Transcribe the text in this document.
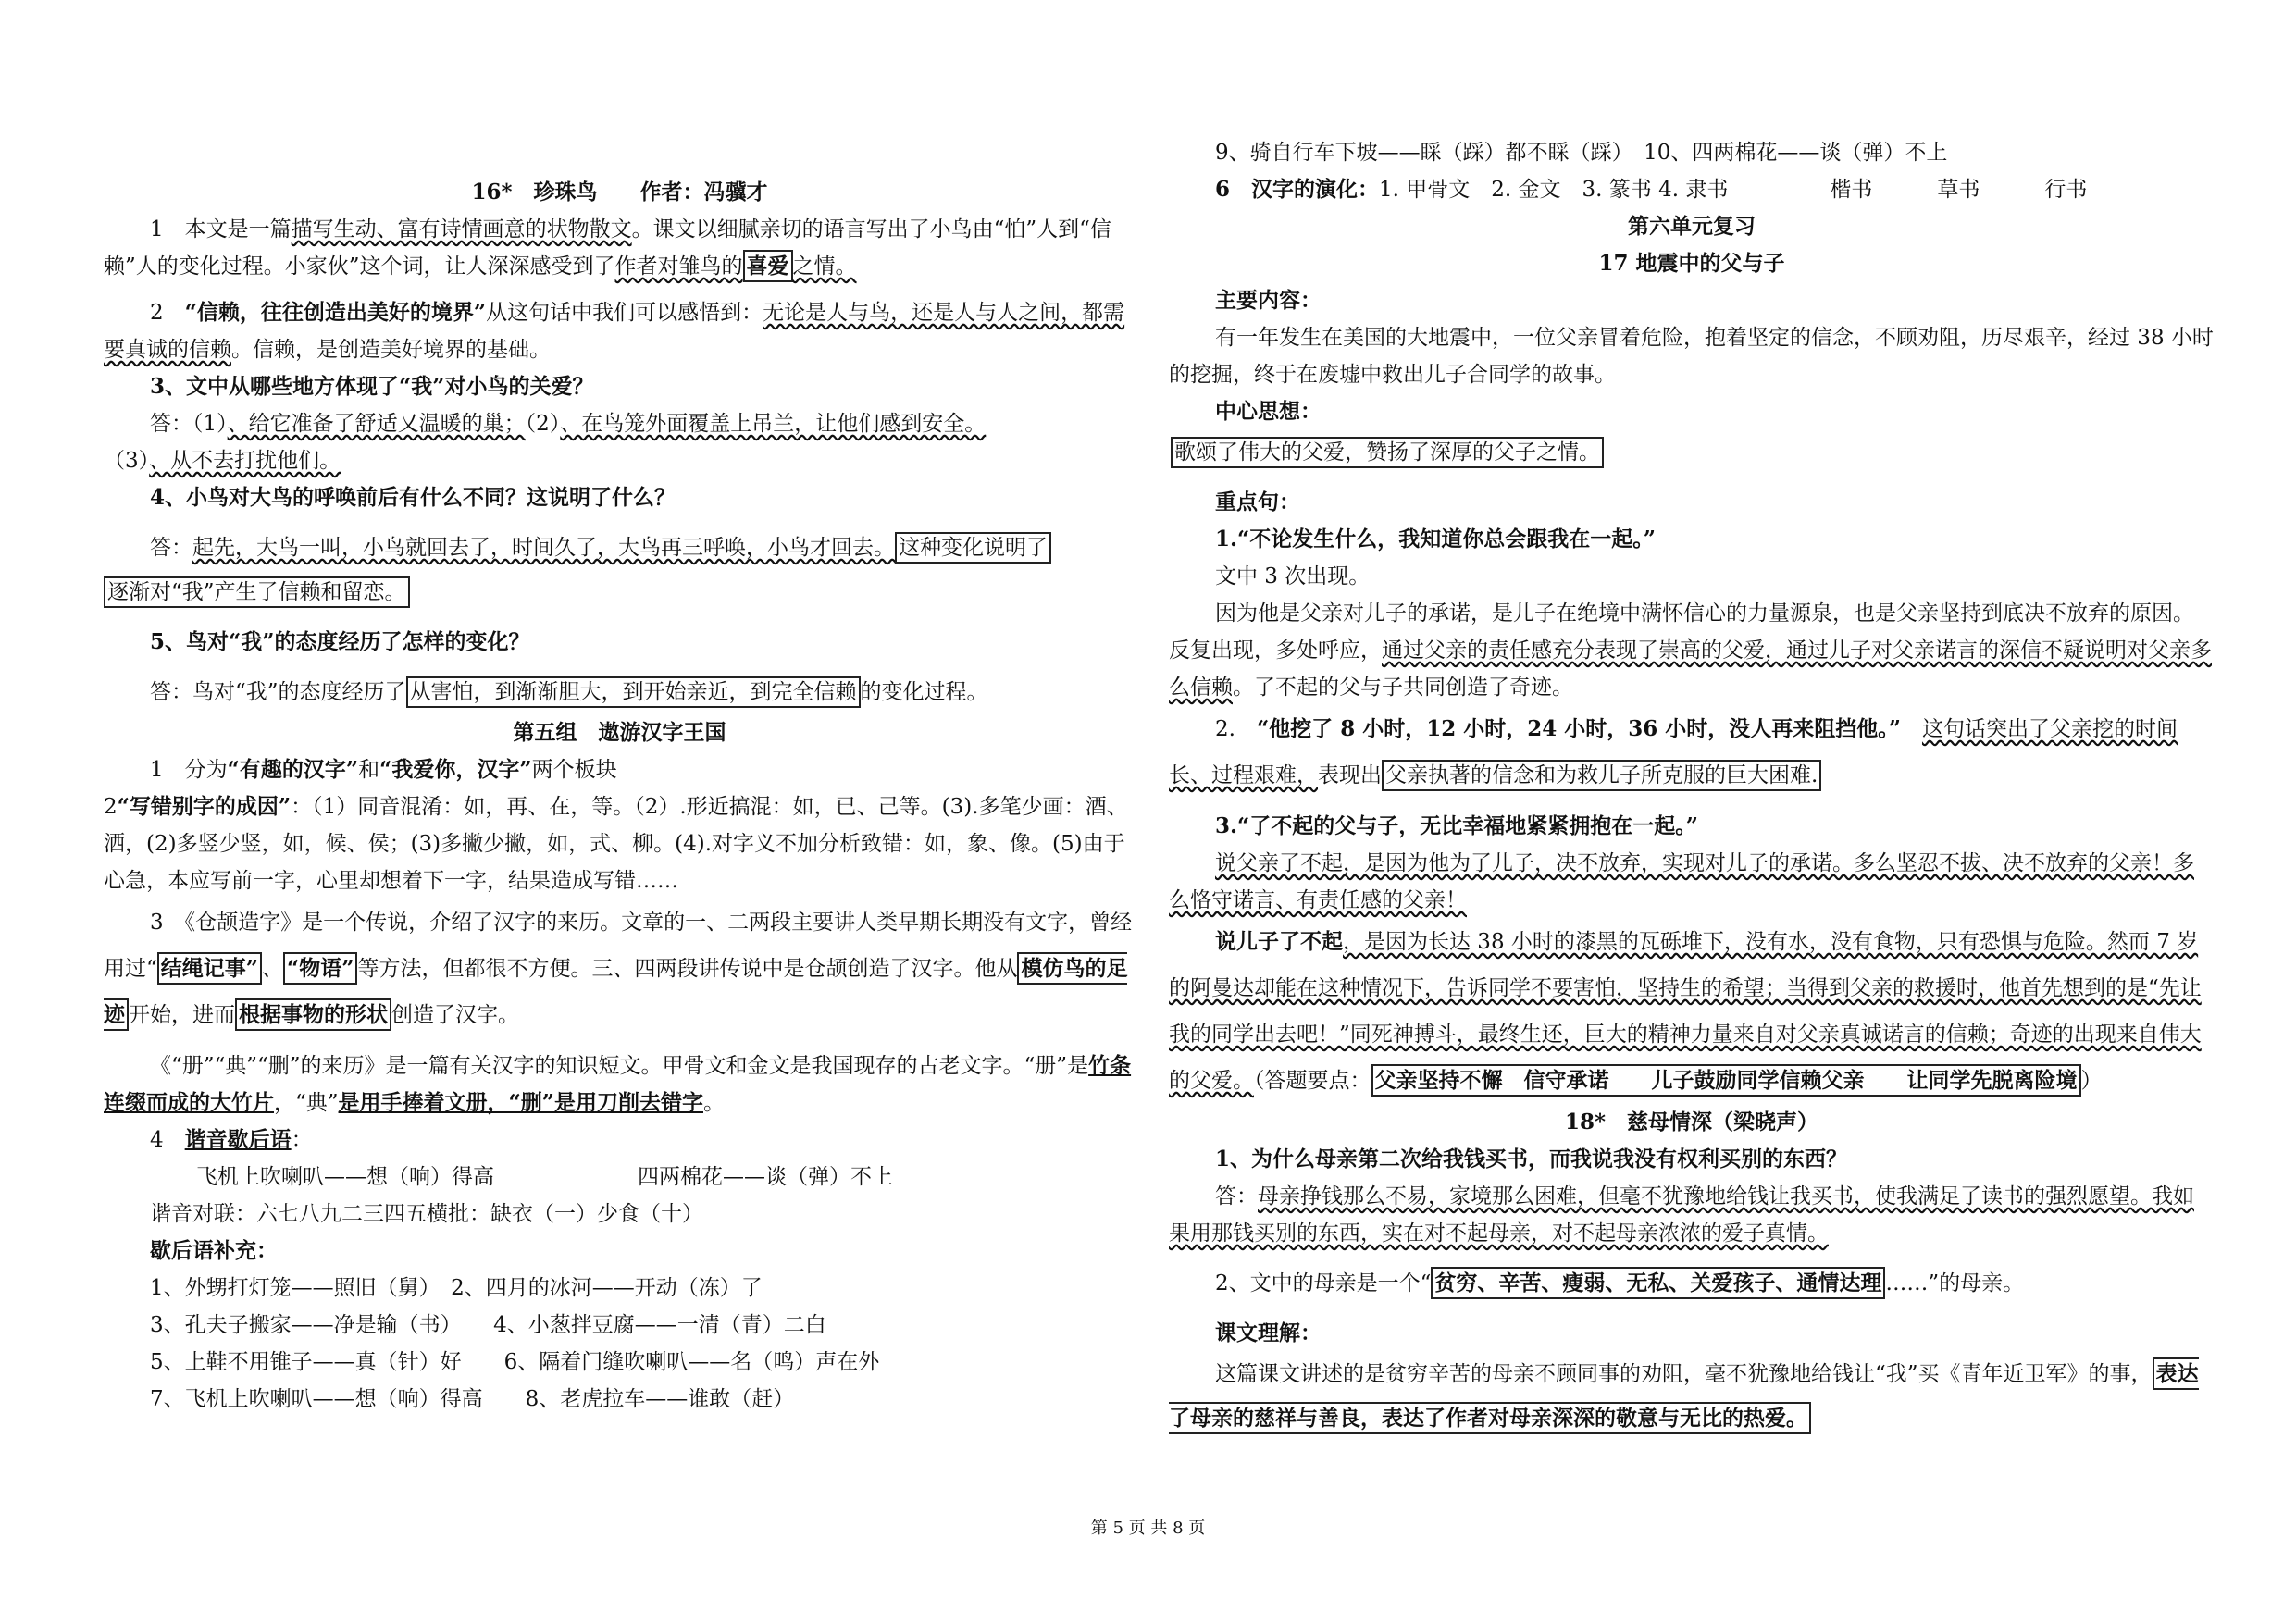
16*　珍珠鸟　　作者：冯骥才

1　本文是一篇描写生动、富有诗情画意的状物散文。课文以细腻亲切的语言写出了小鸟由“怕”人到“信赖”人的变化过程。小家伙”这个词，让人深深感受到了作者对雏鸟的 喜爱 之情。

2　“信赖，往往创造出美好的境界”从这句话中我们可以感悟到：无论是人与鸟，还是人与人之间，都需要真诚的信赖。信赖，是创造美好境界的基础。

3、文中从哪些地方体现了“我”对小鸟的关爱？

答：（1）、给它准备了舒适又温暖的巢；（2）、在鸟笼外面覆盖上吊兰，让他们感到安全。

（3）、从不去打扰他们。

4、小鸟对大鸟的呼唤前后有什么不同？这说明了什么？

答：起先，大鸟一叫，小鸟就回去了，时间久了，大鸟再三呼唤，小鸟才回去。 这种变化说明了

逐渐对“我”产生了信赖和留恋。

5、鸟对“我”的态度经历了怎样的变化？

答：鸟对“我”的态度经历了 从害怕，到渐渐胆大，到开始亲近，到完全信赖 的变化过程。

第五组　遨游汉字王国

1　分为“有趣的汉字”和“我爱你，汉字”两个板块

2“写错别字的成因”：（1）同音混淆：如，再、在，等。（2）.形近搞混：如，已、己等。(3).多笔少画：酒、洒，(2)多竖少竖，如，候、侯；(3)多撇少撇，如，式、柳。(4).对字义不加分析致错：如，象、像。(5)由于心急，本应写前一字，心里却想着下一字，结果造成写错……

3　《仓颉造字》是一个传说，介绍了汉字的来历。文章的一、二两段主要讲人类早期长期没有文字，曾经用过“ 结绳记事” 、 “物语” 等方法，但都很不方便。三、四两段讲传说中是仓颉创造了汉字。他从 模仿鸟的足迹 开始，进而 根据事物的形状 创造了汉字。

《“册”“典”“删”的来历》是一篇有关汉字的知识短文。甲骨文和金文是我国现存的古老文字。“册”是竹条连缀而成的大竹片，“典”是用手捧着文册，“删”是用刀削去错字。

4　谐音歇后语：

飞机上吹喇叭——想（响）得高	四两棉花——谈（弹）不上

谐音对联：六七八九二三四五横批：缺衣（一）少食（十）

歇后语补充：

1、外甥打灯笼——照旧（舅）　2、四月的冰河——开动（冻）了

3、孔夫子搬家——净是输（书）　　4、小葱拌豆腐——一清（青）二白

5、上鞋不用锥子——真（针）好　　6、隔着门缝吹喇叭——名（鸣）声在外

7、飞机上吹喇叭——想（响）得高　　8、老虎拉车——谁敢（赶）

9、骑自行车下坡——睬（踩）都不睬（踩）　10、四两棉花——谈（弹）不上

6　汉字的演化：1. 甲骨文　2. 金文　3. 篆书 4. 隶书	楷书	草书	行书

第六单元复习

17 地震中的父与子

主要内容：

有一年发生在美国的大地震中，一位父亲冒着危险，抱着坚定的信念，不顾劝阻，历尽艰辛，经过 38 小时的挖掘，终于在废墟中救出儿子合同学的故事。

中心思想：

歌颂了伟大的父爱，赞扬了深厚的父子之情。

重点句：

1.“不论发生什么，我知道你总会跟我在一起。”

文中 3 次出现。

因为他是父亲对儿子的承诺，是儿子在绝境中满怀信心的力量源泉，也是父亲坚持到底决不放弃的原因。反复出现，多处呼应，通过父亲的责任感充分表现了崇高的父爱，通过儿子对父亲诺言的深信不疑说明对父亲多么信赖。了不起的父与子共同创造了奇迹。

2.　“他挖了 8 小时，12 小时，24 小时，36 小时，没人再来阻挡他。”　 这句话突出了父亲挖的时间长、过程艰难，表现出 父亲执著的信念和为救儿子所克服的巨大困难.

3.“了不起的父与子，无比幸福地紧紧拥抱在一起。”

说父亲了不起，是因为他为了儿子，决不放弃，实现对儿子的承诺。多么坚忍不拔、决不放弃的父亲！多么恪守诺言、有责任感的父亲！

说儿子了不起，是因为长达 38 小时的漆黑的瓦砾堆下，没有水，没有食物，只有恐惧与危险。然而 7 岁的阿曼达却能在这种情况下，告诉同学不要害怕，坚持生的希望；当得到父亲的救援时，他首先想到的是“先让我的同学出去吧！”同死神搏斗，最终生还，巨大的精神力量来自对父亲真诚诺言的信赖；奇迹的出现来自伟大的父爱。（答题要点： 父亲坚持不懈　信守承诺　　儿子鼓励同学信赖父亲　　让同学先脱离险境 ）

18*　慈母情深（梁晓声）

1、为什么母亲第二次给我钱买书，而我说我没有权利买别的东西？

答：母亲挣钱那么不易，家境那么困难，但毫不犹豫地给钱让我买书，使我满足了读书的强烈愿望。我如果用那钱买别的东西，实在对不起母亲，对不起母亲浓浓的爱子真情。

2、文中的母亲是一个“ 贫穷、辛苦、瘦弱、无私、关爱孩子、通情达理 ……”的母亲。

课文理解：

这篇课文讲述的是贫穷辛苦的母亲不顾同事的劝阻，毫不犹豫地给钱让“我”买《青年近卫军》的事， 表达了母亲的慈祥与善良，表达了作者对母亲深深的敬意与无比的热爱。

第 5 页 共 8 页
